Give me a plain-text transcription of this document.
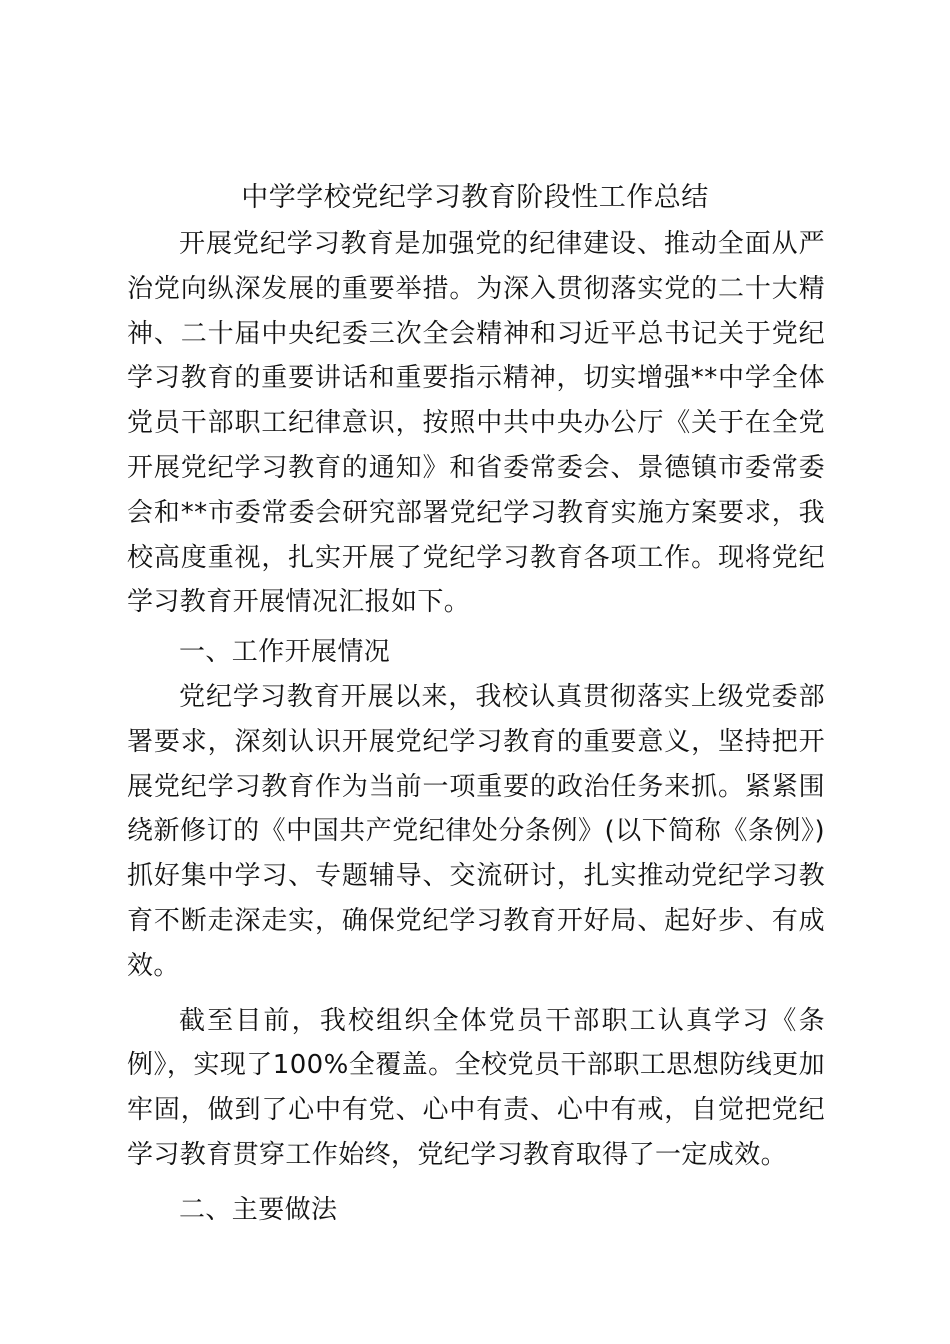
中学学校党纪学习教育阶段性工作总结

开展党纪学习教育是加强党的纪律建设、推动全面从严治党向纵深发展的重要举措。为深入贯彻落实党的二十大精神、二十届中央纪委三次全会精神和习近平总书记关于党纪学习教育的重要讲话和重要指示精神，切实增强**中学全体党员干部职工纪律意识，按照中共中央办公厅《关于在全党开展党纪学习教育的通知》和省委常委会、景德镇市委常委会和**市委常委会研究部署党纪学习教育实施方案要求，我校高度重视，扎实开展了党纪学习教育各项工作。现将党纪学习教育开展情况汇报如下。

一、工作开展情况

党纪学习教育开展以来，我校认真贯彻落实上级党委部署要求，深刻认识开展党纪学习教育的重要意义，坚持把开展党纪学习教育作为当前一项重要的政治任务来抓。紧紧围绕新修订的《中国共产党纪律处分条例》(以下简称《条例》)抓好集中学习、专题辅导、交流研讨，扎实推动党纪学习教育不断走深走实，确保党纪学习教育开好局、起好步、有成效。

截至目前，我校组织全体党员干部职工认真学习《条例》，实现了100%全覆盖。全校党员干部职工思想防线更加牢固，做到了心中有党、心中有责、心中有戒，自觉把党纪学习教育贯穿工作始终，党纪学习教育取得了一定成效。

二、主要做法
